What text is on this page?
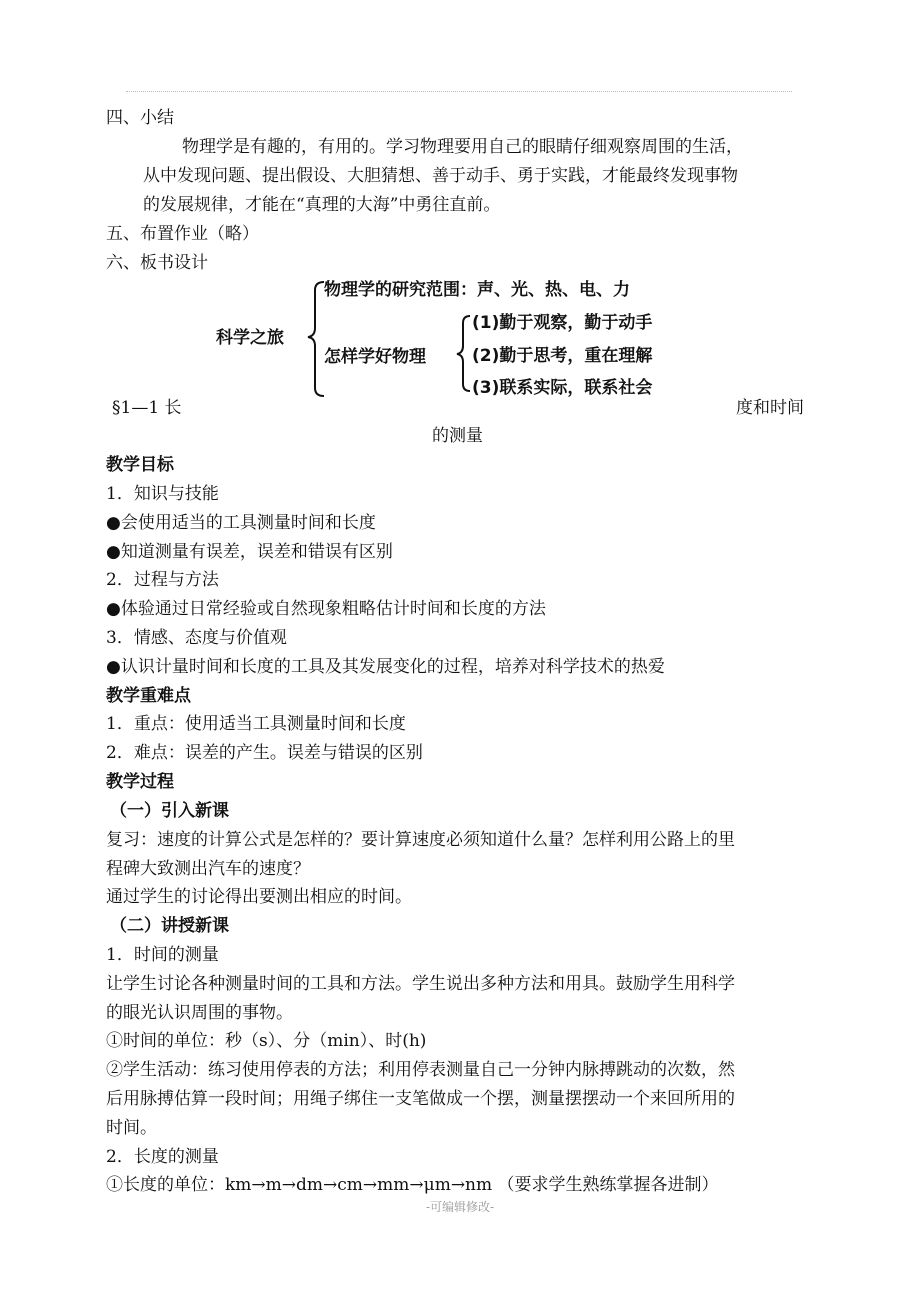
四、小结
物理学是有趣的，有用的。学习物理要用自己的眼睛仔细观察周围的生活，
从中发现问题、提出假设、大胆猜想、善于动手、勇于实践，才能最终发现事物
的发展规律，才能在“真理的大海”中勇往直前。
五、布置作业（略）
六、板书设计
科学之旅
物理学的研究范围：声、光、热、电、力
怎样学好物理
(1)勤于观察，勤于动手
(2)勤于思考，重在理解
(3)联系实际，联系社会
§1—1 长	度和时间
的测量
教学目标
1．知识与技能
●会使用适当的工具测量时间和长度
●知道测量有误差，误差和错误有区别
2．过程与方法
●体验通过日常经验或自然现象粗略估计时间和长度的方法
3．情感、态度与价值观
●认识计量时间和长度的工具及其发展变化的过程，培养对科学技术的热爱
教学重难点
1．重点：使用适当工具测量时间和长度
2．难点：误差的产生。误差与错误的区别
教学过程
（一）引入新课
复习：速度的计算公式是怎样的？要计算速度必须知道什么量？怎样利用公路上的里
程碑大致测出汽车的速度？
通过学生的讨论得出要测出相应的时间。
（二）讲授新课
1．时间的测量
让学生讨论各种测量时间的工具和方法。学生说出多种方法和用具。鼓励学生用科学
的眼光认识周围的事物。
①时间的单位：秒（s）、分（min）、时(h)
②学生活动：练习使用停表的方法；利用停表测量自己一分钟内脉搏跳动的次数，然
后用脉搏估算一段时间；用绳子绑住一支笔做成一个摆，测量摆摆动一个来回所用的
时间。
2．长度的测量
①长度的单位：km→m→dm→cm→mm→μm→nm （要求学生熟练掌握各进制）
-可编辑修改-
